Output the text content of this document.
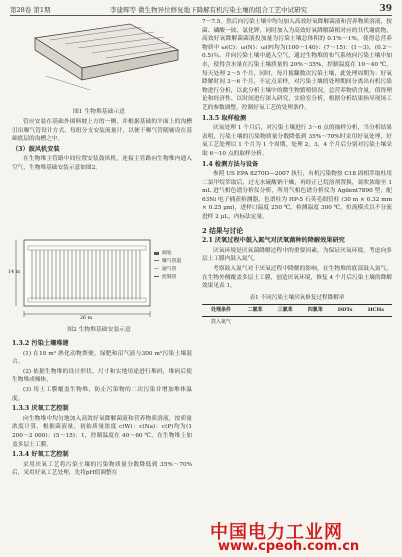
第28卷 第1期	李建辉等 微生物异位修复地下降解有机污染土壤的组合工艺中试研究	39
图1 生物堆基础示意

管应安装在基础外围料坡上方的一侧，并根据基础的平面上的沟槽引出曝气管设计方式。每组分支安装流量计，以便于曝气管随辅设在基础底层的沟槽之中。

（3）鼓风机安装

在生物堆主管路中间位置安装鼓风机，连接主管路向生物堆内通入空气，生物堆基础安装示意如图2。

阀室
曝气管道
通气管
控制管
26 m
14 m
图2 生物堆基础安装示意

1.3.2 污染土壤堆建

(1) 在10 m³ 熟化动物粪便、绿肥和沼气液与300 m³污染土壤混合。

(2) 依据生物堆的设计形状、尺寸和实地用途进行堆码，堆码后使生物堆成梯体。

(3) 用土工膜覆盖生物堆，防止污染物的二次污染并增加堆体温度。

1.3.3 厌氧工艺控制

向生物堆中均匀地加入高效好氧降解菌液和营养物质溶液，按质量浓度计算，根据菌液量、初始质量浓度 c(W)：c(Na)：c(P)均为(1 200～2 000)：(5～15)：1，控制温度在 40～60 ℃，在生物堆上加盖多层土工膜。

1.3.4 好氧工艺控制

采用厌氧工艺将污染土壤的污染物质量分数降低到 35%～70% 后，采用好氧工艺处理，先将pH值调整在

7～7.5。然后向污染土壤中均匀加入高效好氧降解菌液和营养物质溶液，按菌、磷酸一铵、氯化钾，同时加入为高效好氧降解菌相对应的共代谢底物，高效好氧降解菌菌液投加量为污染土壤总体积的 0.1%～1%，使得总营养物质中 ω(C)：ω(N)：ω(P)均为(100～140)：(7～15)：(1～3)，(0.2～0.5)％。并向污染土壤中通入空气，通过生物堆的布气系统向污染土壤中加水，使得含水量在污染土壤质量的 20%～35%，控制温度在 10～40 ℃，每天处理 2～5 个月，同时，每月搅翻数次污染土壤，此处理周期为：好氧降解时间 3～6 个月，不定点采样，对污染土壤的处理期间分离出有机污染物进行分析，以此分析土壤中的微生物繁殖情况，总营养物质含量，值得理论和经济性、以时间进行深入研究，实验室分析，根据分析结果指导现场工艺的参数调整，控制好氧工艺的处理条件。

1.3.5 取样检测

厌氧处理 1 个月后，对污染土壤进行 3～6 点的抽样分析，当分析结果表明，污染土壤的污染物质量分数降低到 35%～70%时采用好氧处理，好氧工艺处理以 1 个月为 1 个周期，处理 2，3，4 个月后分别对污染土壤采取 6～10 点的取样分析。

1.4 检测方法与设备

参照 US EPA 8270D—2007 执行，有机污染物按 C18 固相萃取柱用二氯甲烷萃取后，过无水硫酸钠干燥，再经正己烷溶剂置换，氮吹浓缩至 1 mL 进气相色谱分析仪分析，所用气相色谱分析仪为 Agilent7890 型，配 63Ni 电子捕获检测器，色谱柱为 HP-5 石英毛细管柱 (30 m × 0.32 mm × 0.25 μm)，进样口温度 250 ℃，检测温度 300 ℃，恒流模式以不分流进样 2 μL，内标法定量。

2 结果与讨论

2.1 厌氧过程中鼓入氮气对厌氧菌种的降解效果研究

厌氧环境是厌氧菌降解过程中的重要因素，为保证厌氧环境，考虑向多层土工膜内鼓入氮气。

考察鼓入氮气对于厌氧过程中降解的影响，在生物堆的底部鼓入氮气，在生物外侧覆盖多层土工膜，创造厌氧环境，修复 4 个月后污染土壤的降解效果见表 1。

表1 不同污染土壤厌氧修复过程降解率
处理条件	二氯苯	三氯苯	四氯苯	DDTs	HCHs
鼓入氮气					
中国电力工业网
www.cpeoh.com.cn
